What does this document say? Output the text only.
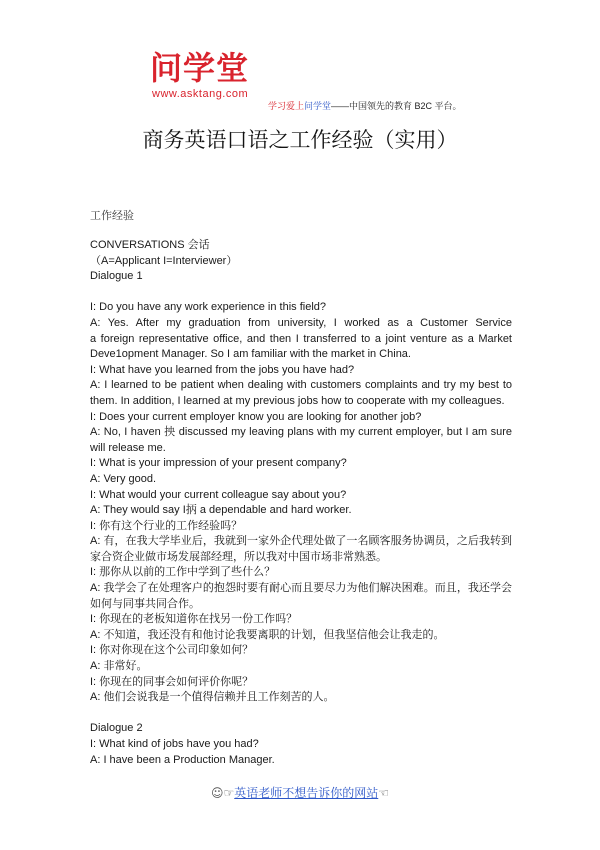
问学堂
www.asktang.com
学习爱上问学堂——中国领先的教育 B2C 平台。
商务英语口语之工作经验（实用）
工作经验
CONVERSATIONS 会话
（A=Applicant I=Interviewer）
Dialogue 1
I: Do you have any work experience in this field?
A: Yes. After my graduation from university, I worked as a Customer Service
a foreign representative office, and then I transferred to a joint venture as a Market
Deve1opment Manager. So I am familiar with the market in China.
I: What have you learned from the jobs you have had?
A: I learned to be patient when dealing with customers complaints and try my best to
them. In addition, I learned at my previous jobs how to cooperate with my colleagues.
I: Does your current employer know you are looking for another job?
A: No, I haven 抰 discussed my leaving plans with my current employer, but I am sure
will release me.
I: What is your impression of your present company?
A: Very good.
I: What would your current colleague say about you?
A: They would say I抦 a dependable and hard worker.
I: 你有这个行业的工作经验吗？
A: 有，在我大学毕业后，我就到一家外企代理处做了一名顾客服务协调员，之后我转到
家合资企业做市场发展部经理，所以我对中国市场非常熟悉。
I: 那你从以前的工作中学到了些什么？
A: 我学会了在处理客户的抱怨时要有耐心而且要尽力为他们解决困难。而且，我还学会
如何与同事共同合作。
I: 你现在的老板知道你在找另一份工作吗？
A: 不知道，我还没有和他讨论我要离职的计划，但我坚信他会让我走的。
I: 你对你现在这个公司印象如何？
A: 非常好。
I: 你现在的同事会如何评价你呢？
A: 他们会说我是一个值得信赖并且工作刻苦的人。
Dialogue 2
I: What kind of jobs have you had?
A: I have been a Production Manager.
☺☞英语老师不想告诉你的网站☜
